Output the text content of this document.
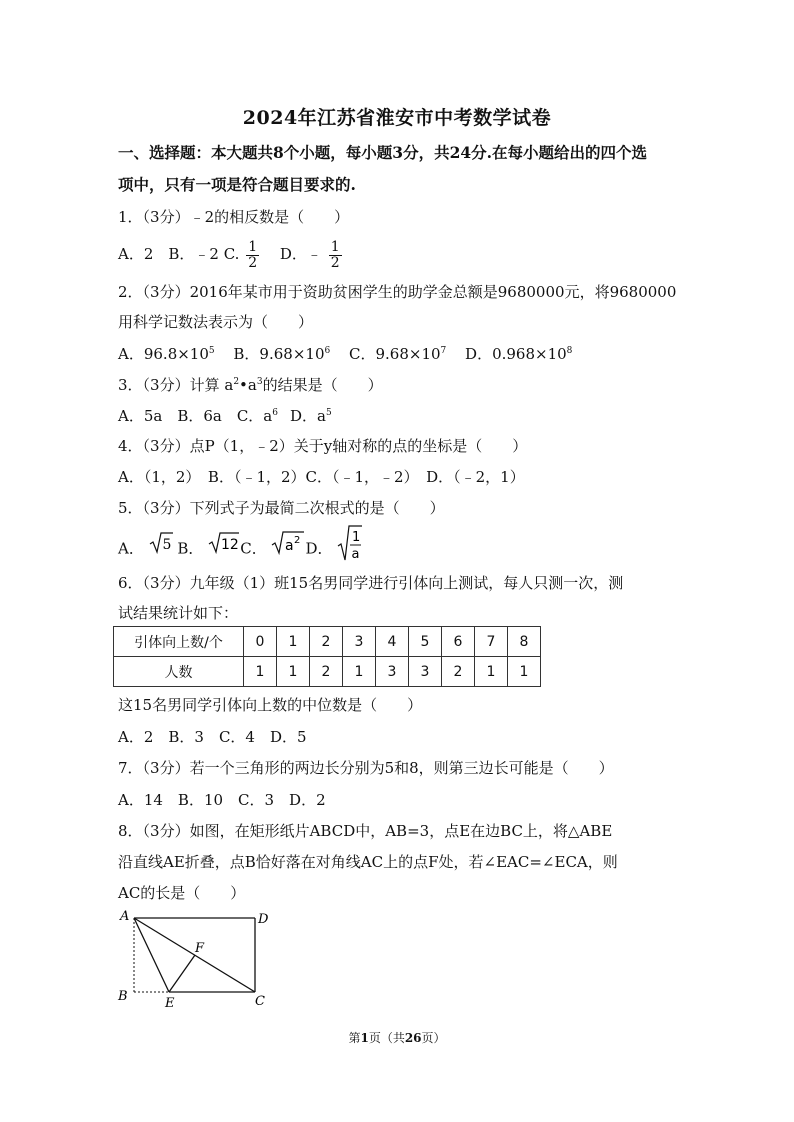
2024年江苏省淮安市中考数学试卷
一、选择题：本大题共8个小题，每小题3分，共24分.在每小题给出的四个选
项中，只有一项是符合题目要求的.
1．（3分）﹣2的相反数是（　　）
A．2　B．﹣2 C. $\frac{1}{2}$ D．﹣ $\frac{1}{2}$
2．（3分）2016年某市用于资助贫困学生的助学金总额是9680000元，将9680000
用科学记数法表示为（　　）
A．$96.8\times 10^5$ B．$9.68\times 10^6$ C．$9.68\times 10^7$ D．$0.968\times 10^8$
3．（3分）计算 $a^2•a^3$的结果是（　　）
A．5a　B．6a　C．$a^6$ D．$a^5$
4．（3分）点P（1，﹣2）关于y轴对称的点的坐标是（　　）
A．（1，2）　B．（﹣1，2）C．（﹣1，﹣2）　D．（﹣2，1）
5．（3分）下列式子为最简二次根式的是（　　）
A． 5 B． 12 C． a 2 D．
1
a
6．（3分）九年级（1）班15名男同学进行引体向上测试，每人只测一次，测
试结果统计如下：
引体向上数/个	0	1	2	3	4	5	6	7	8
人数	1	1	2	1	3	3	2	1	1
这15名男同学引体向上数的中位数是（　　）
A．2　B．3　C．4　D．5
7．（3分）若一个三角形的两边长分别为5和8，则第三边长可能是（　　）
A．14　B．10　C．3　D．2
8．（3分）如图，在矩形纸片ABCD中，AB=3，点E在边BC上，将△ABE
沿直线AE折叠，点B恰好落在对角线AC上的点F处，若∠EAC=∠ECA，则
AC的长是（　　）
A	D
B	C
E
F
第1页（共26页）
